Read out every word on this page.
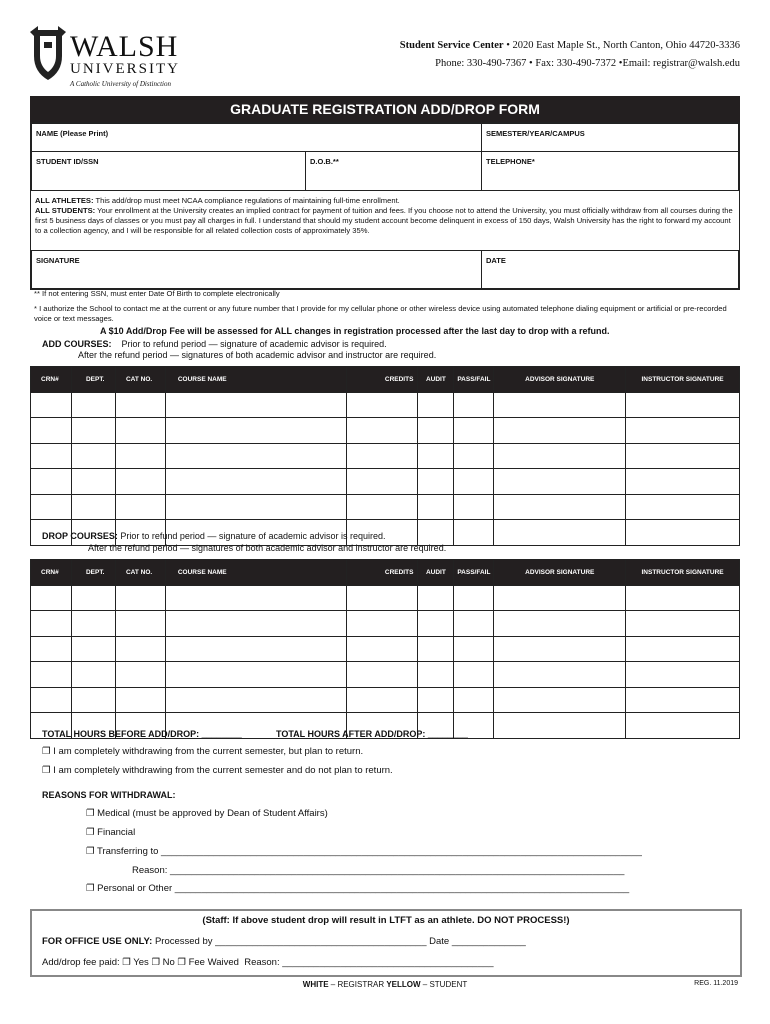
WALSH
UNIVERSITY
A Catholic University of Distinction
Student Service Center • 2020 East Maple St., North Canton, Ohio 44720-3336
Phone: 330-490-7367 • Fax: 330-490-7372 •Email: registrar@walsh.edu
GRADUATE REGISTRATION ADD/DROP FORM
NAME (Please Print)	SEMESTER/YEAR/CAMPUS
STUDENT ID/SSN	D.O.B.**	TELEPHONE*
ALL ATHLETES: This add/drop must meet NCAA compliance regulations of maintaining full-time enrollment.
ALL STUDENTS: Your enrollment at the University creates an implied contract for payment of tuition and fees. If you choose not to attend the University, you must officially withdraw from all courses during the first 5 business days of classes or you must pay all charges in full. I understand that should my student account become delinquent in excess of 150 days, Walsh University has the right to forward my account to a collection agency, and I will be responsible for all related collection costs of approximately 35%.
SIGNATURE	DATE
** If not entering SSN, must enter Date Of Birth to complete electronically
* I authorize the School to contact me at the current or any future number that I provide for my cellular phone or other wireless device using automated telephone dialing equipment or artificial or pre-recorded voice or text messages.
A $10 Add/Drop Fee will be assessed for ALL changes in registration processed after the last day to drop with a refund.
ADD COURSES: Prior to refund period — signature of academic advisor is required.
After the refund period — signatures of both academic advisor and instructor are required.
CRN#	DEPT.	CAT NO.	COURSE NAME	CREDITS	AUDIT	PASS/FAIL	ADVISOR SIGNATURE	INSTRUCTOR SIGNATURE

DROP COURSES: Prior to refund period — signature of academic advisor is required.
After the refund period — signatures of both academic advisor and instructor are required.
CRN#	DEPT.	CAT NO.	COURSE NAME	CREDITS	AUDIT	PASS/FAIL	ADVISOR SIGNATURE	INSTRUCTOR SIGNATURE

TOTAL HOURS BEFORE ADD/DROP: ________	TOTAL HOURS AFTER ADD/DROP: ________
❐ I am completely withdrawing from the current semester, but plan to return.
❐ I am completely withdrawing from the current semester and do not plan to return.
REASONS FOR WITHDRAWAL:
❐ Medical (must be approved by Dean of Student Affairs)
❐ Financial
❐ Transferring to ___________________________________________________________________________________________
Reason: ______________________________________________________________________________________
❐ Personal or Other ______________________________________________________________________________________
(Staff: If above student drop will result in LTFT as an athlete. DO NOT PROCESS!)
FOR OFFICE USE ONLY: Processed by ________________________________________ Date ______________
Add/drop fee paid: ❐ Yes ❐ No ❐ Fee Waived Reason: ________________________________________
WHITE – REGISTRAR YELLOW – STUDENT	REG. 11.2019
